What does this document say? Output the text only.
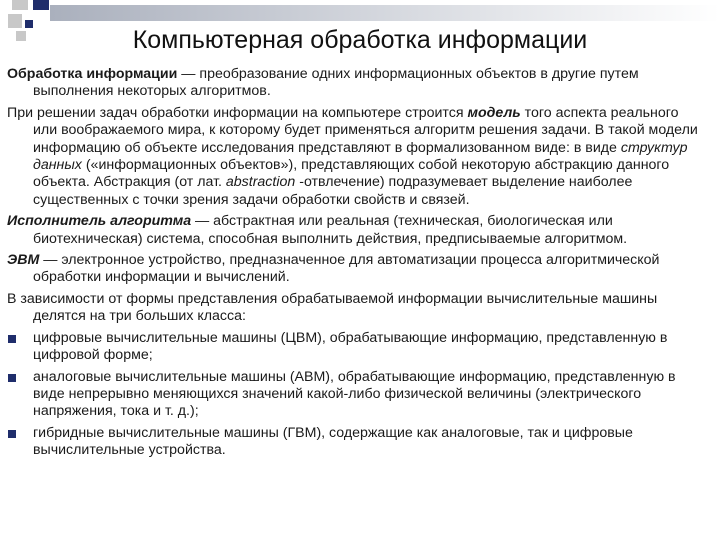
Компьютерная обработка информации

Обработка информации — преобразование одних информационных объектов в другие путем выполнения некоторых алгоритмов.

При решении задач обработки информации на компьютере строится модель того аспекта реального или воображаемого мира, к которому будет применяться алгоритм решения задачи. В такой модели информацию об объекте исследования представляют в формализованном виде: в виде структур данных («информационных объектов»), представляющих собой некоторую абстракцию данного объекта. Абстракция (от лат. abstraction -отвлечение) подразумевает выделение наиболее существенных с точки зрения задачи обработки свойств и связей.

Исполнитель алгоритма — абстрактная или реальная (техническая, биологическая или биотехническая) система, способная выполнить действия, предписываемые алгоритмом.

ЭВМ — электронное устройство, предназначенное для автоматизации процесса алгоритмической обработки информации и вычислений.

В зависимости от формы представления обрабатываемой информации вычислительные машины делятся на три больших класса:

цифровые вычислительные машины (ЦВМ), обрабатывающие информацию, представленную в цифровой форме;
аналоговые вычислительные машины (АВМ), обрабатывающие информацию, представленную в виде непрерывно меняющихся значений какой-либо физической величины (электрического напряжения, тока и т. д.);
гибридные вычислительные машины (ГВМ), содержащие как аналоговые, так и цифровые вычислительные устройства.
